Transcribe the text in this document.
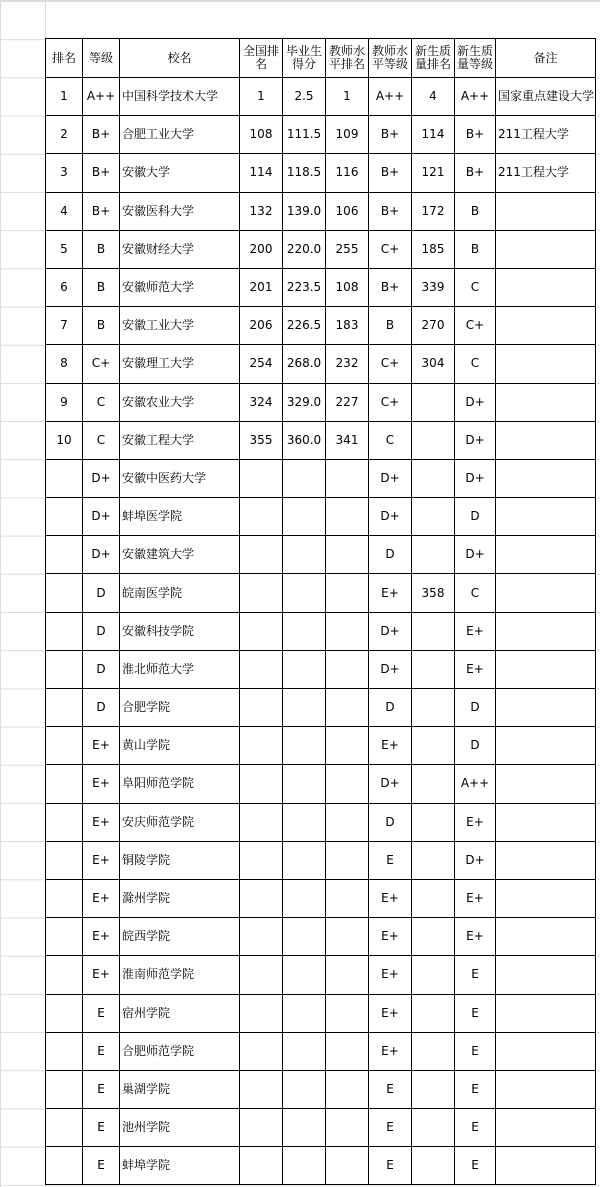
排名	等级	校名	全国排名	毕业生得分	教师水平排名	教师水平等级	新生质量排名	新生质量等级	备注
1	A++	中国科学技术大学	1	2.5	1	A++	4	A++	国家重点建设大学
2	B+	合肥工业大学	108	111.5	109	B+	114	B+	211工程大学
3	B+	安徽大学	114	118.5	116	B+	121	B+	211工程大学
4	B+	安徽医科大学	132	139.0	106	B+	172	B	
5	B	安徽财经大学	200	220.0	255	C+	185	B	
6	B	安徽师范大学	201	223.5	108	B+	339	C	
7	B	安徽工业大学	206	226.5	183	B	270	C+	
8	C+	安徽理工大学	254	268.0	232	C+	304	C	
9	C	安徽农业大学	324	329.0	227	C+		D+	
10	C	安徽工程大学	355	360.0	341	C		D+	
	D+	安徽中医药大学				D+		D+	
	D+	蚌埠医学院				D+		D	
	D+	安徽建筑大学				D		D+	
	D	皖南医学院				E+	358	C	
	D	安徽科技学院				D+		E+	
	D	淮北师范大学				D+		E+	
	D	合肥学院				D		D	
	E+	黄山学院				E+		D	
	E+	阜阳师范学院				D+		A++	
	E+	安庆师范学院				D		E+	
	E+	铜陵学院				E		D+	
	E+	滁州学院				E+		E+	
	E+	皖西学院				E+		E+	
	E+	淮南师范学院				E+		E	
	E	宿州学院				E+		E	
	E	合肥师范学院				E+		E	
	E	巢湖学院				E		E	
	E	池州学院				E		E	
	E	蚌埠学院				E		E	
